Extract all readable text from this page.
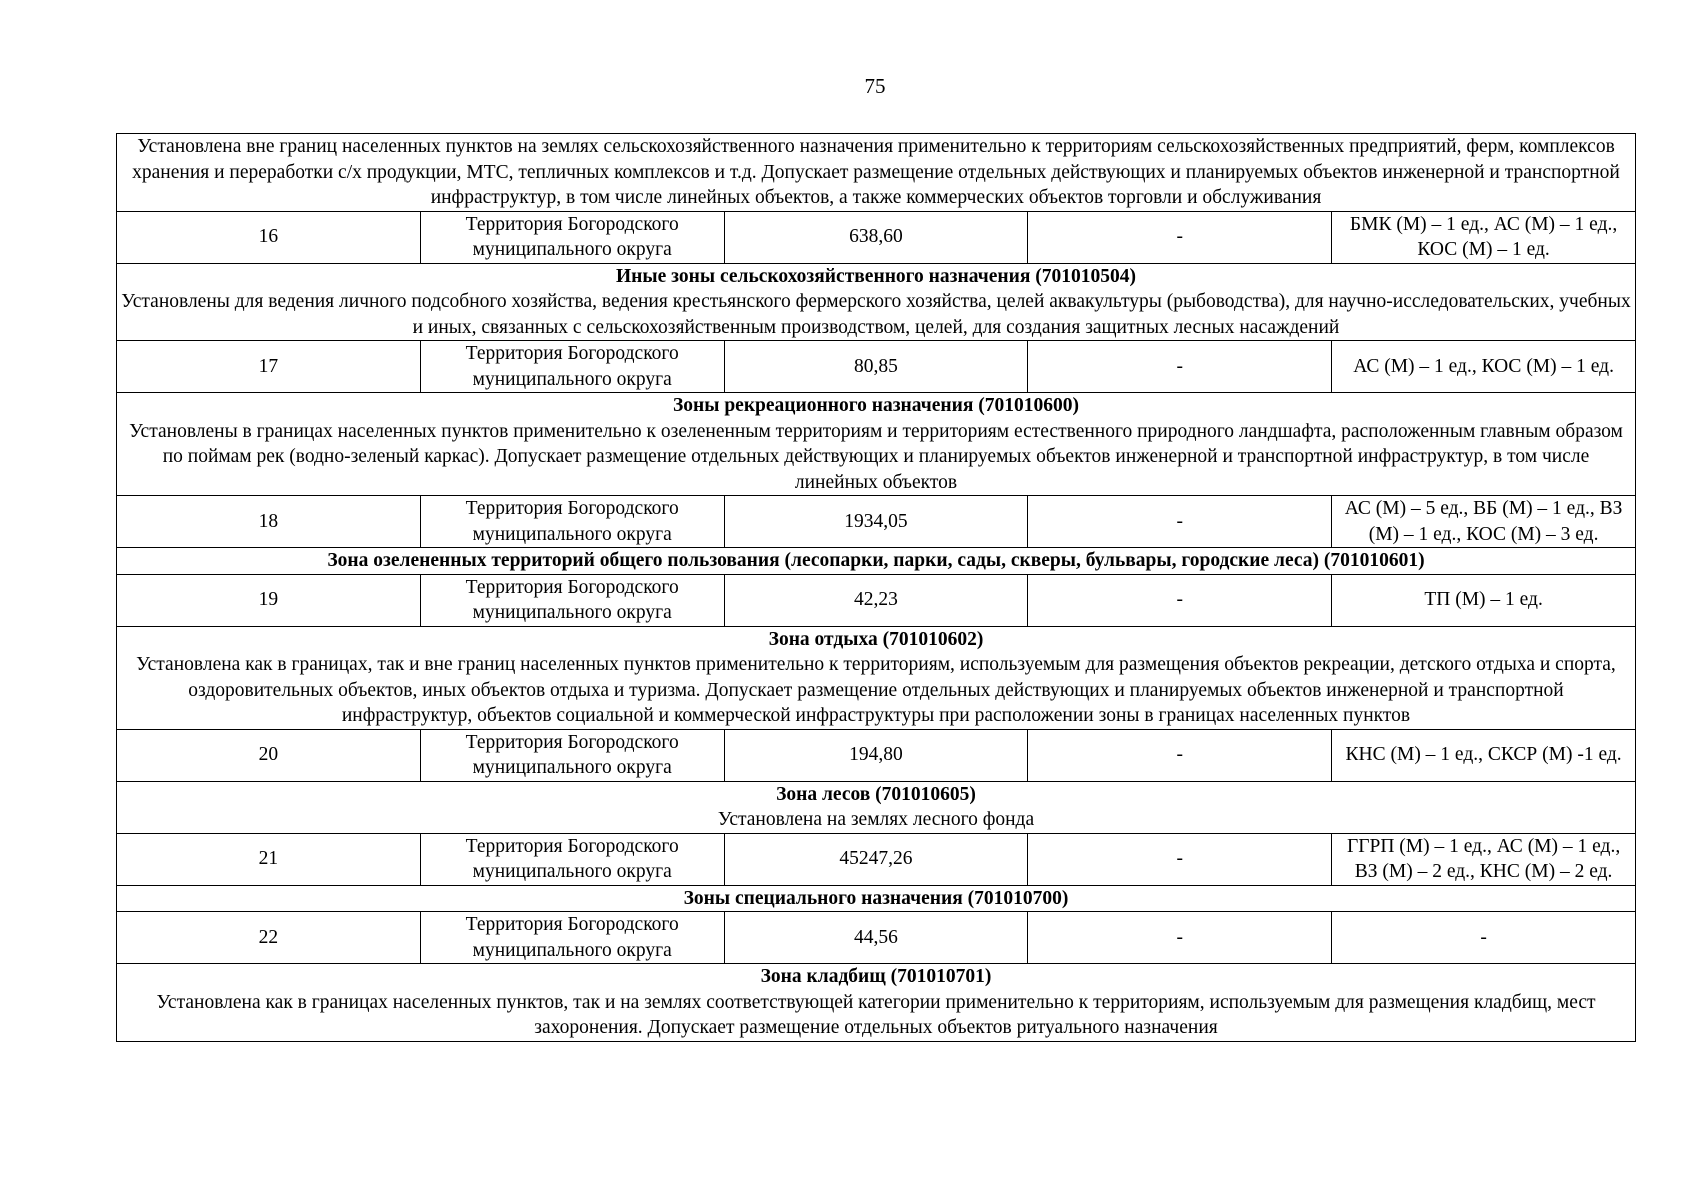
75
Установлена вне границ населенных пунктов на землях сельскохозяйственного назначения применительно к территориям сельскохозяйственных предприятий, ферм, комплексов хранения и переработки с/х продукции, МТС, тепличных комплексов и т.д. Допускает размещение отдельных действующих и планируемых объектов инженерной и транспортной инфраструктур, в том числе линейных объектов, а также коммерческих объектов торговли и обслуживания				

16	Территория Богородского муниципального округа	638,60	-	БМК (М) – 1 ед., АС (М) – 1 ед., КОС (М) – 1 ед.

Иные зоны сельскохозяйственного назначения (701010504)
Установлены для ведения личного подсобного хозяйства, ведения крестьянского фермерского хозяйства, целей аквакультуры (рыбоводства), для научно-исследовательских, учебных и иных, связанных с сельскохозяйственным производством, целей, для создания защитных лесных насаждений				

17	Территория Богородского муниципального округа	80,85	-	АС (М) – 1 ед., КОС (М) – 1 ед.

Зоны рекреационного назначения (701010600)
Установлены в границах населенных пунктов применительно к озелененным территориям и территориям естественного природного ландшафта, расположенным главным образом по поймам рек (водно-зеленый каркас). Допускает размещение отдельных действующих и планируемых объектов инженерной и транспортной инфраструктур, в том числе линейных объектов				

18	Территория Богородского муниципального округа	1934,05	-	АС (М) – 5 ед., ВБ (М) – 1 ед., ВЗ (М) – 1 ед., КОС (М) – 3 ед.

Зона озелененных территорий общего пользования (лесопарки, парки, сады, скверы, бульвары, городские леса) (701010601)				

19	Территория Богородского муниципального округа	42,23	-	ТП (М) – 1 ед.

Зона отдыха (701010602)
Установлена как в границах, так и вне границ населенных пунктов применительно к территориям, используемым для размещения объектов рекреации, детского отдыха и спорта, оздоровительных объектов, иных объектов отдыха и туризма. Допускает размещение отдельных действующих и планируемых объектов инженерной и транспортной инфраструктур, объектов социальной и коммерческой инфраструктуры при расположении зоны в границах населенных пунктов				

20	Территория Богородского муниципального округа	194,80	-	КНС (М) – 1 ед., СКСР (М) -1 ед.

Зона лесов (701010605)
Установлена на землях лесного фонда				

21	Территория Богородского муниципального округа	45247,26	-	ГГРП (М) – 1 ед., АС (М) – 1 ед., ВЗ (М) – 2 ед., КНС (М) – 2 ед.

Зоны специального назначения (701010700)				

22	Территория Богородского муниципального округа	44,56	-	-

Зона кладбищ (701010701)
Установлена как в границах населенных пунктов, так и на землях соответствующей категории применительно к территориям, используемым для размещения кладбищ, мест захоронения. Допускает размещение отдельных объектов ритуального назначения				
